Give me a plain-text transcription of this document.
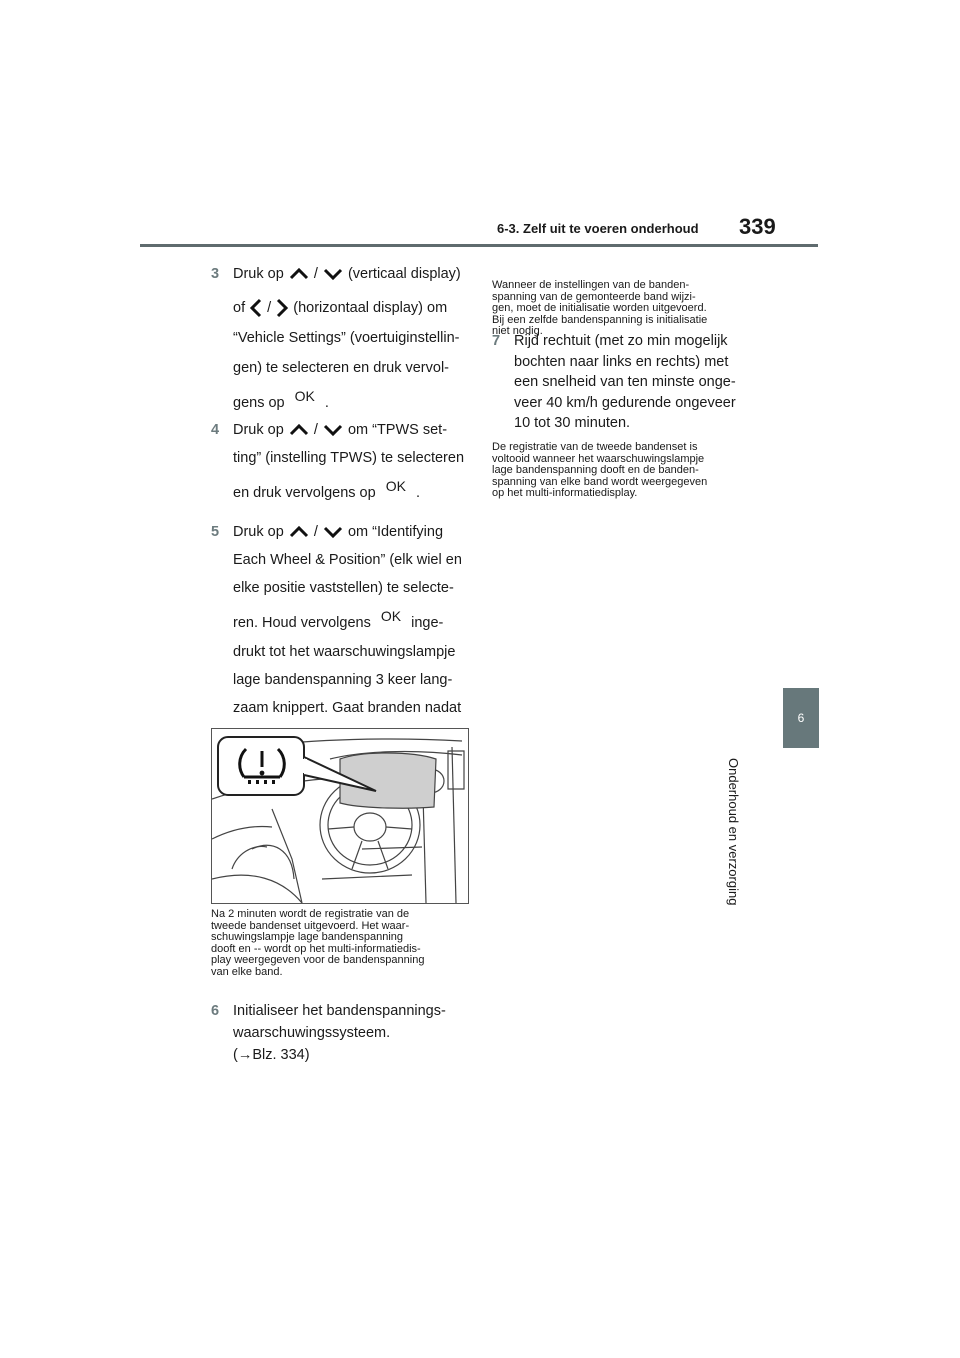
6-3. Zelf uit te voeren onderhoud 339
6
Onderhoud en verzorging
3 Druk op / (verticaal display)
of / (horizontaal display) om
“Vehicle Settings” (voertuiginstellin-
gen) te selecteren en druk vervol-
gens op OK .
4 Druk op / om “TPWS set-
ting” (instelling TPWS) te selecteren
en druk vervolgens op OK .
5 Druk op / om “Identifying
Each Wheel & Position” (elk wiel en
elke positie vaststellen) te selecte-
ren. Houd vervolgens OK inge-
drukt tot het waarschuwingslampje
lage bandenspanning 3 keer lang-
zaam knippert. Gaat branden nadat
Na 2 minuten wordt de registratie van de
tweede bandenset uitgevoerd. Het waar-
schuwingslampje lage bandenspanning
dooft en -- wordt op het multi-informatiedis-
play weergegeven voor de bandenspanning
van elke band.
6 Initialiseer het bandenspannings-
waarschuwingssysteem.
(→Blz. 334)
Wanneer de instellingen van de banden-
spanning van de gemonteerde band wijzi-
gen, moet de initialisatie worden uitgevoerd.
Bij een zelfde bandenspanning is initialisatie
niet nodig.
7 Rijd rechtuit (met zo min mogelijk
bochten naar links en rechts) met
een snelheid van ten minste onge-
veer 40 km/h gedurende ongeveer
10 tot 30 minuten.
De registratie van de tweede bandenset is
voltooid wanneer het waarschuwingslampje
lage bandenspanning dooft en de banden-
spanning van elke band wordt weergegeven
op het multi-informatiedisplay.
